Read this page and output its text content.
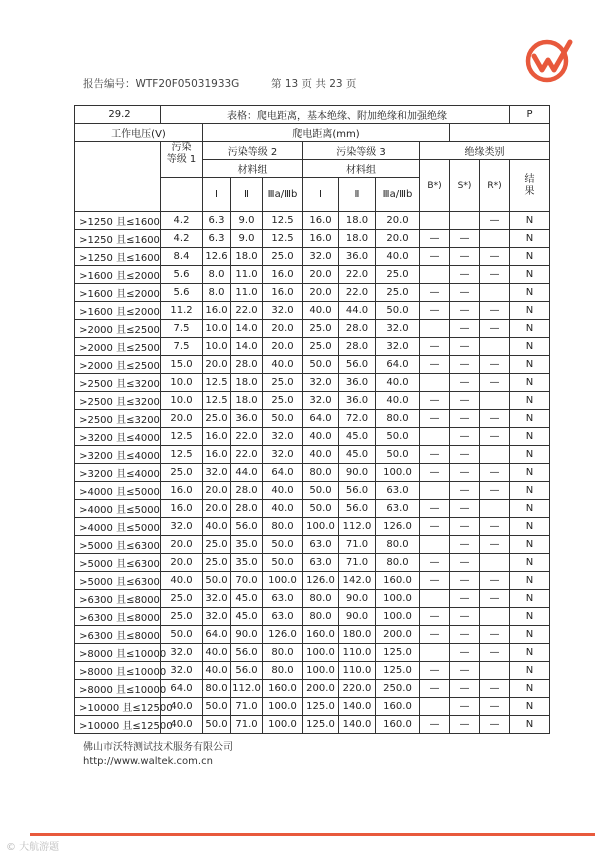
报告编号：WTF20F05031933G	第 13 页 共 23 页
29.2	表格：爬电距离，基本绝缘、附加绝缘和加强绝缘										P
工作电压(V)		爬电距离(mm)									
	污染
等级 1	污染等级 2			污染等级 3			绝缘类别			
		材料组			材料组			B*)	S*)	R*)	结
果
		Ⅰ	Ⅱ	Ⅲa/Ⅲb	Ⅰ	Ⅱ	Ⅲa/Ⅲb				
>1250 且≤1600	4.2	6.3	9.0	12.5	16.0	18.0	20.0			—	N
>1250 且≤1600	4.2	6.3	9.0	12.5	16.0	18.0	20.0	—	—		N
>1250 且≤1600	8.4	12.6	18.0	25.0	32.0	36.0	40.0	—	—	—	N
>1600 且≤2000	5.6	8.0	11.0	16.0	20.0	22.0	25.0		—	—	N
>1600 且≤2000	5.6	8.0	11.0	16.0	20.0	22.0	25.0	—	—		N
>1600 且≤2000	11.2	16.0	22.0	32.0	40.0	44.0	50.0	—	—	—	N
>2000 且≤2500	7.5	10.0	14.0	20.0	25.0	28.0	32.0		—	—	N
>2000 且≤2500	7.5	10.0	14.0	20.0	25.0	28.0	32.0	—	—		N
>2000 且≤2500	15.0	20.0	28.0	40.0	50.0	56.0	64.0	—	—	—	N
>2500 且≤3200	10.0	12.5	18.0	25.0	32.0	36.0	40.0		—	—	N
>2500 且≤3200	10.0	12.5	18.0	25.0	32.0	36.0	40.0	—	—		N
>2500 且≤3200	20.0	25.0	36.0	50.0	64.0	72.0	80.0	—	—	—	N
>3200 且≤4000	12.5	16.0	22.0	32.0	40.0	45.0	50.0		—	—	N
>3200 且≤4000	12.5	16.0	22.0	32.0	40.0	45.0	50.0	—	—		N
>3200 且≤4000	25.0	32.0	44.0	64.0	80.0	90.0	100.0	—	—	—	N
>4000 且≤5000	16.0	20.0	28.0	40.0	50.0	56.0	63.0		—	—	N
>4000 且≤5000	16.0	20.0	28.0	40.0	50.0	56.0	63.0	—	—		N
>4000 且≤5000	32.0	40.0	56.0	80.0	100.0	112.0	126.0	—	—	—	N
>5000 且≤6300	20.0	25.0	35.0	50.0	63.0	71.0	80.0		—	—	N
>5000 且≤6300	20.0	25.0	35.0	50.0	63.0	71.0	80.0	—	—		N
>5000 且≤6300	40.0	50.0	70.0	100.0	126.0	142.0	160.0	—	—	—	N
>6300 且≤8000	25.0	32.0	45.0	63.0	80.0	90.0	100.0		—	—	N
>6300 且≤8000	25.0	32.0	45.0	63.0	80.0	90.0	100.0	—	—		N
>6300 且≤8000	50.0	64.0	90.0	126.0	160.0	180.0	200.0	—	—	—	N
>8000 且≤10000	32.0	40.0	56.0	80.0	100.0	110.0	125.0		—	—	N
>8000 且≤10000	32.0	40.0	56.0	80.0	100.0	110.0	125.0	—	—		N
>8000 且≤10000	64.0	80.0	112.0	160.0	200.0	220.0	250.0	—	—	—	N
>10000 且≤12500	40.0	50.0	71.0	100.0	125.0	140.0	160.0		—	—	N
>10000 且≤12500	40.0	50.0	71.0	100.0	125.0	140.0	160.0	—	—	—	N
佛山市沃特测试技术服务有限公司
http://www.waltek.com.cn
© 大航游题
